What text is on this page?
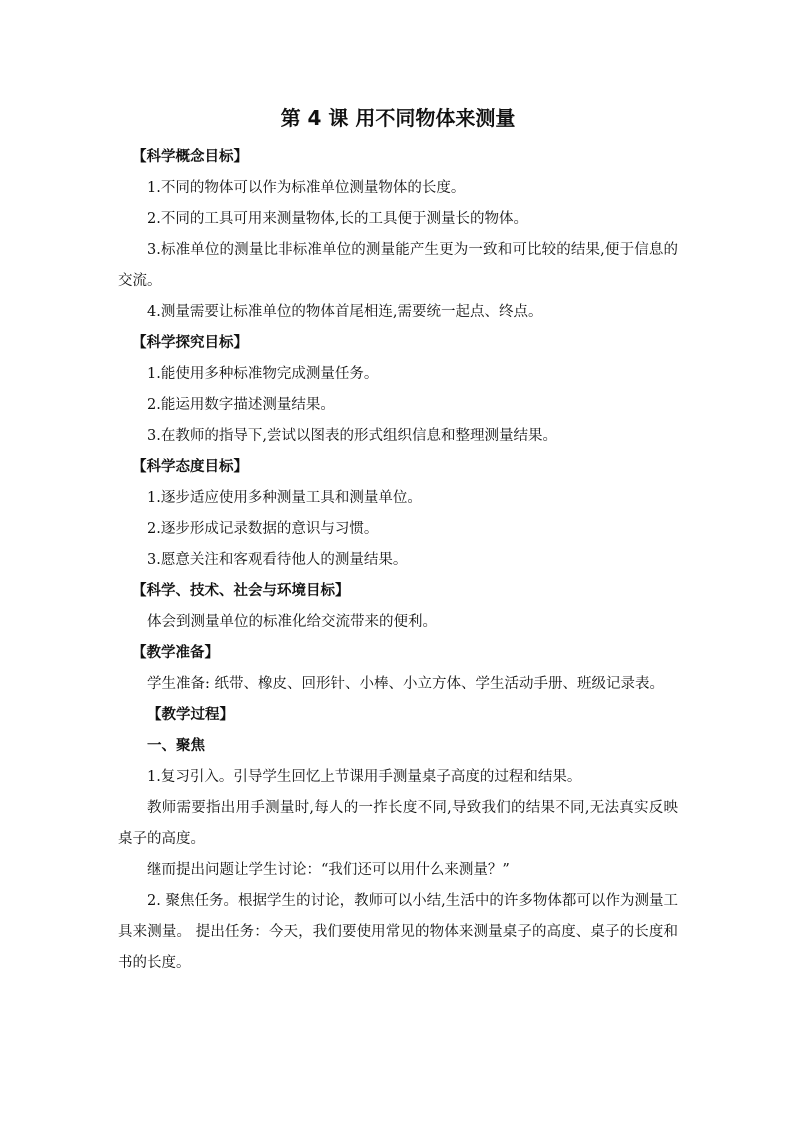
第 4 课 用不同物体来测量
【科学概念目标】
1.不同的物体可以作为标准单位测量物体的长度。
2.不同的工具可用来测量物体,长的工具便于测量长的物体。
3.标准单位的测量比非标准单位的测量能产生更为一致和可比较的结果,便于信息的交流。
4.测量需要让标准单位的物体首尾相连,需要统一起点、终点。
【科学探究目标】
1.能使用多种标准物完成测量任务。
2.能运用数字描述测量结果。
3.在教师的指导下,尝试以图表的形式组织信息和整理测量结果。
【科学态度目标】
1.逐步适应使用多种测量工具和测量单位。
2.逐步形成记录数据的意识与习惯。
3.愿意关注和客观看待他人的测量结果。
【科学、技术、社会与环境目标】
体会到测量单位的标准化给交流带来的便利。
【教学准备】
学生准备: 纸带、橡皮、回形针、小棒、小立方体、学生活动手册、班级记录表。
【教学过程】
一、聚焦
1.复习引入。引导学生回忆上节课用手测量桌子高度的过程和结果。
教师需要指出用手测量时,每人的一拃长度不同,导致我们的结果不同,无法真实反映桌子的高度。
继而提出问题让学生讨论：“我们还可以用什么来测量？”
2. 聚焦任务。根据学生的讨论，教师可以小结,生活中的许多物体都可以作为测量工具来测量。 提出任务：今天，我们要使用常见的物体来测量桌子的高度、桌子的长度和书的长度。
